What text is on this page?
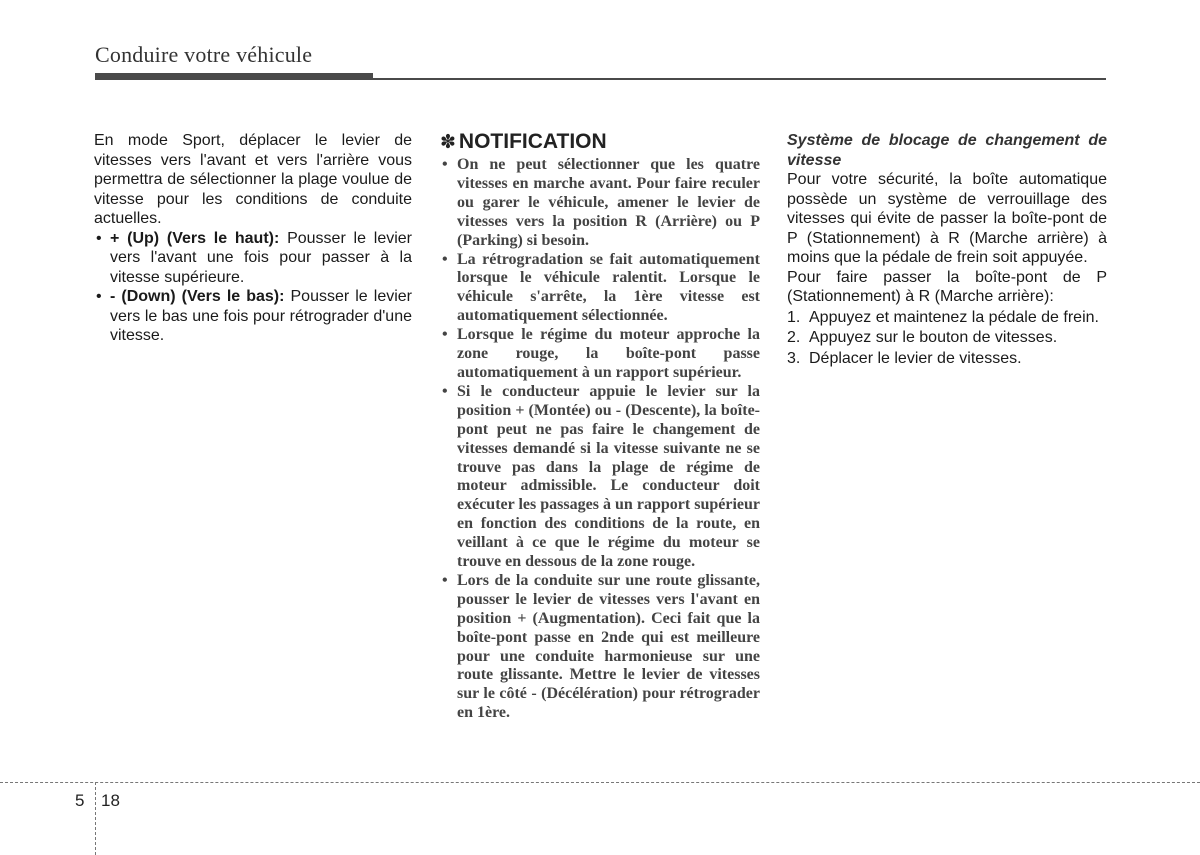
Conduire votre véhicule

En mode Sport, déplacer le levier de vitesses vers l'avant et vers l'arrière vous permettra de sélectionner la plage voulue de vitesse pour les conditions de conduite actuelles.

• + (Up) (Vers le haut): Pousser le levier vers l'avant une fois pour passer à la vitesse supérieure.
• - (Down) (Vers le bas): Pousser le levier vers le bas une fois pour rétrograder d'une vitesse.
✽ NOTIFICATION
• On ne peut sélectionner que les quatre vitesses en marche avant. Pour faire reculer ou garer le véhicule, amener le levier de vitesses vers la position R (Arrière) ou P (Parking) si besoin.
• La rétrogradation se fait automatiquement lorsque le véhicule ralentit. Lorsque le véhicule s'arrête, la 1ère vitesse est automatiquement sélectionnée.
• Lorsque le régime du moteur approche la zone rouge, la boîte-pont passe automatiquement à un rapport supérieur.
• Si le conducteur appuie le levier sur la position + (Montée) ou - (Descente), la boîte-pont peut ne pas faire le changement de vitesses demandé si la vitesse suivante ne se trouve pas dans la plage de régime de moteur admissible. Le conducteur doit exécuter les passages à un rapport supérieur en fonction des conditions de la route, en veillant à ce que le régime du moteur se trouve en dessous de la zone rouge.
• Lors de la conduite sur une route glissante, pousser le levier de vitesses vers l'avant en position + (Augmentation). Ceci fait que la boîte-pont passe en 2nde qui est meilleure pour une conduite harmonieuse sur une route glissante. Mettre le levier de vitesses sur le côté - (Décélération) pour rétrograder en 1ère.

Système de blocage de changement de vitesse

Pour votre sécurité, la boîte automatique possède un système de verrouillage des vitesses qui évite de passer la boîte-pont de P (Stationnement) à R (Marche arrière) à moins que la pédale de frein soit appuyée.

Pour faire passer la boîte-pont de P (Stationnement) à R (Marche arrière):

1. Appuyez et maintenez la pédale de frein.
2. Appuyez sur le bouton de vitesses.
3. Déplacer le levier de vitesses.
5 18
